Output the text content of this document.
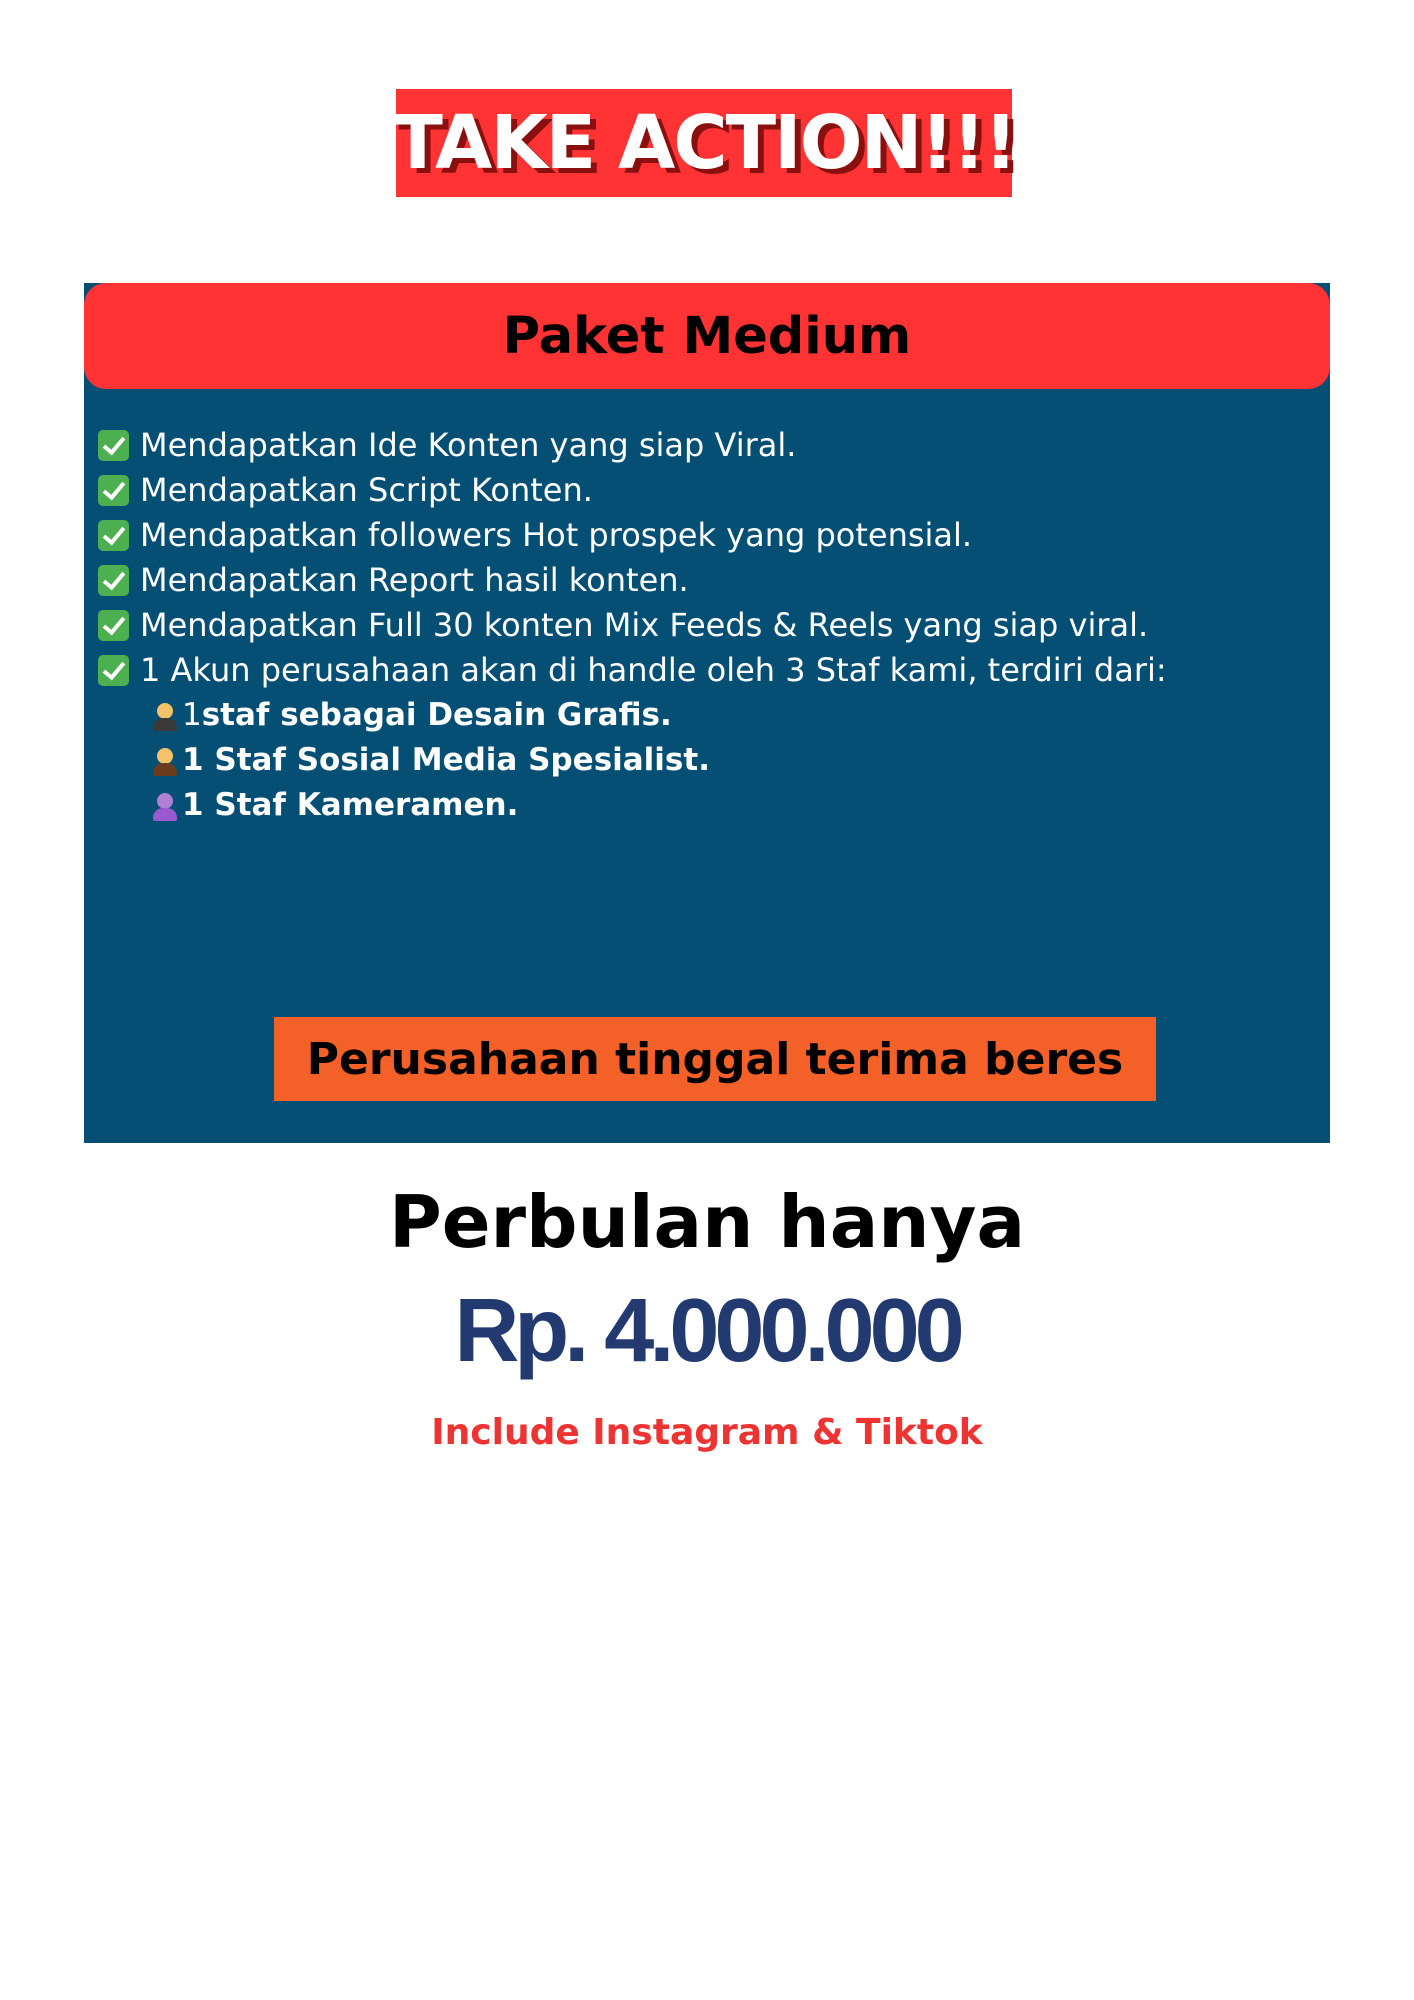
TAKE ACTION!!!
Paket Medium
Mendapatkan Ide Konten yang siap Viral.
Mendapatkan Script Konten.
Mendapatkan followers Hot prospek yang potensial.
Mendapatkan Report hasil konten.
Mendapatkan Full 30 konten Mix Feeds & Reels yang siap viral.
1 Akun perusahaan akan di handle oleh 3 Staf kami, terdiri dari:
1 staf sebagai Desain Grafis.
1 Staf Sosial Media Spesialist.
1 Staf Kameramen.
Perusahaan tinggal terima beres
Perbulan hanya
Rp. 4.000.000
Include Instagram & Tiktok
